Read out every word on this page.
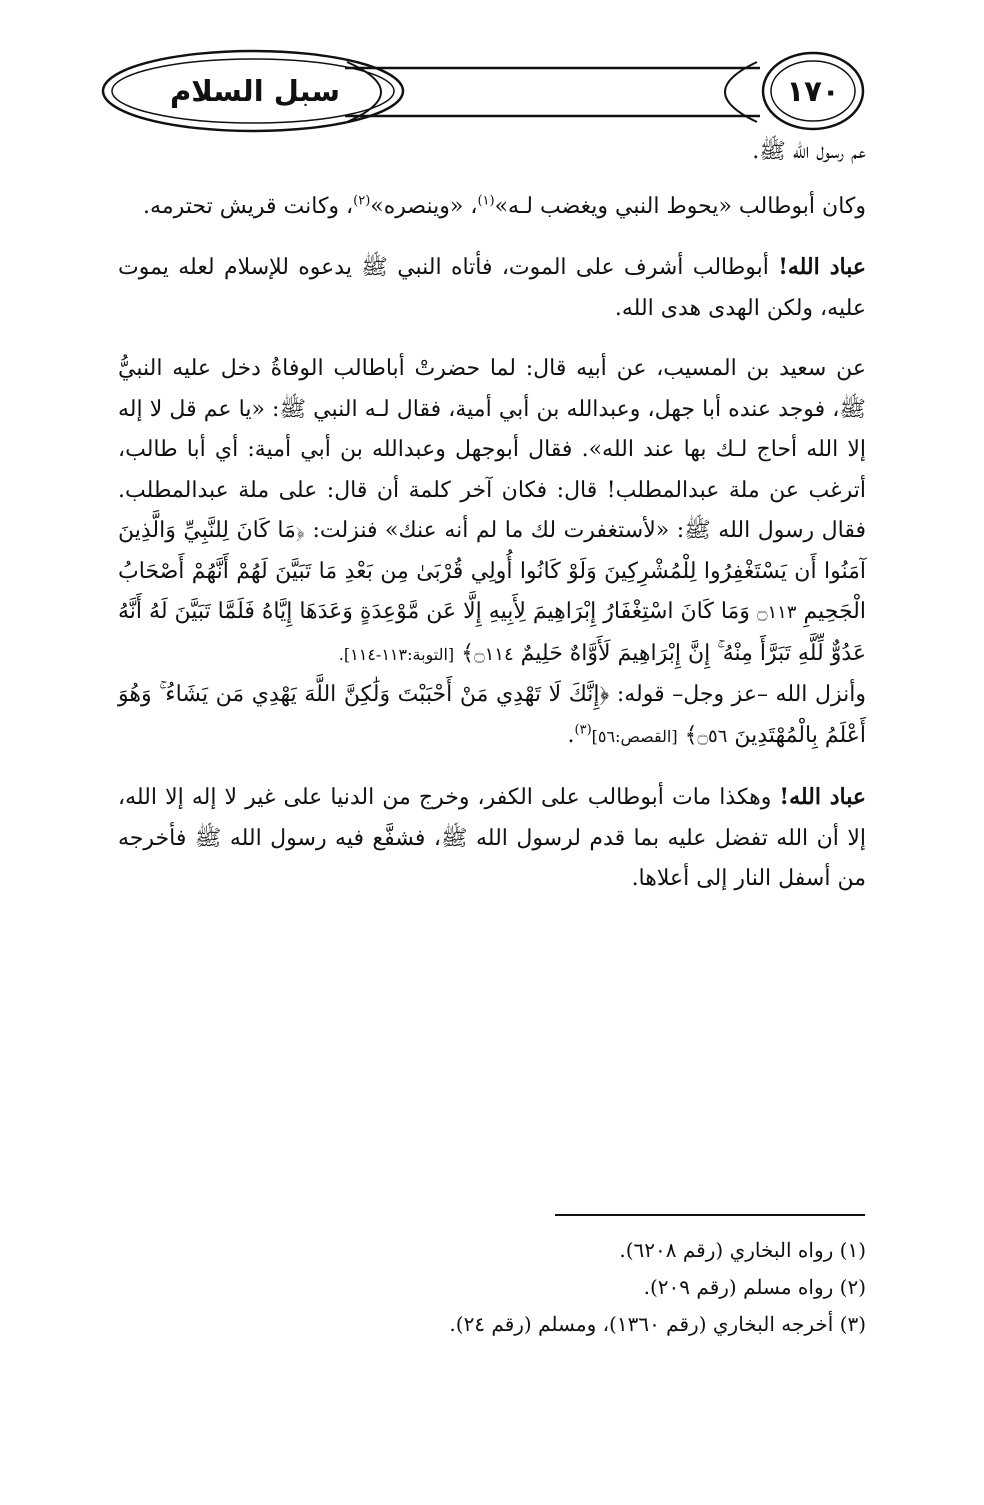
سبل السلام	١٧٠

عم رسول الله ﷺ.

وكان أبوطالب «يحوط النبي ويغضب لـه»$^{(١)}$، «وينصره»$^{(٢)}$، وكانت قريش تحترمه.

عباد الله! أبوطالب أشرف على الموت، فأتاه النبي ﷺ يدعوه للإسلام لعله يموت عليه، ولكن الهدى هدى الله.

عن سعيد بن المسيب، عن أبيه قال: لما حضرتْ أباطالب الوفاةُ دخل عليه النبيُّ ﷺ، فوجد عنده أبا جهل، وعبدالله بن أبي أمية، فقال لـه النبي ﷺ: «يا عم قل لا إله إلا الله أحاج لـك بها عند الله». فقال أبوجهل وعبدالله بن أبي أمية: أي أبا طالب، أترغب عن ملة عبدالمطلب! قال: فكان آخر كلمة أن قال: على ملة عبدالمطلب. فقال رسول الله ﷺ: «لأستغفرت لك ما لم أنه عنك» فنزلت: ﴿مَا كَانَ لِلنَّبِيِّ وَالَّذِينَ آمَنُوا أَن يَسْتَغْفِرُوا لِلْمُشْرِكِينَ وَلَوْ كَانُوا أُولِي قُرْبَىٰ مِن بَعْدِ مَا تَبَيَّنَ لَهُمْ أَنَّهُمْ أَصْحَابُ الْجَحِيمِ ۝١١٣ وَمَا كَانَ اسْتِغْفَارُ إِبْرَاهِيمَ لِأَبِيهِ إِلَّا عَن مَّوْعِدَةٍ وَعَدَهَا إِيَّاهُ فَلَمَّا تَبَيَّنَ لَهُ أَنَّهُ عَدُوٌّ لِّلَّهِ تَبَرَّأَ مِنْهُ ۚ إِنَّ إِبْرَاهِيمَ لَأَوَّاهٌ حَلِيمٌ ۝١١٤﴾ [التوبة:١١٣-١١٤].
وأنزل الله –عز وجل– قوله: ﴿إِنَّكَ لَا تَهْدِي مَنْ أَحْبَبْتَ وَلَٰكِنَّ اللَّهَ يَهْدِي مَن يَشَاءُ ۚ وَهُوَ أَعْلَمُ بِالْمُهْتَدِينَ ۝٥٦﴾ [القصص:٥٦]$^{(٣)}$.

عباد الله! وهكذا مات أبوطالب على الكفر، وخرج من الدنيا على غير لا إله إلا الله، إلا أن الله تفضل عليه بما قدم لرسول الله ﷺ، فشفَّع فيه رسول الله ﷺ فأخرجه من أسفل النار إلى أعلاها.

(١) رواه البخاري (رقم ٦٢٠٨).
(٢) رواه مسلم (رقم ٢٠٩).
(٣) أخرجه البخاري (رقم ١٣٦٠)، ومسلم (رقم ٢٤).
